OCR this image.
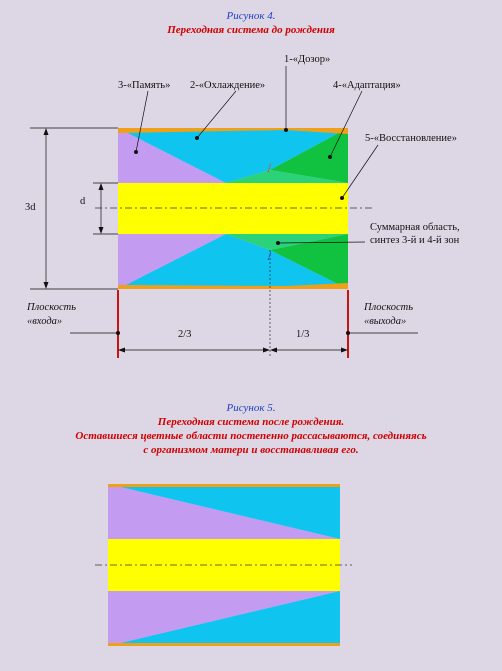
Рисунок 4.
Переходная система до рождения
1-«Дозор»
2-«Охлаждение»
3-«Память»	4-«Адаптация»
5-«Восстановление»
Суммарная область,
синтез 3-й и 4-й зон
3d
d
Плоскость
«входа»
Плоскость
«выхода»
2/3	1/3
Рисунок 5.
Переходная система после рождения.
Оставшиеся цветные области постепенно рассасываются, соединяясь
с организмом матери и восстанавливая его.
